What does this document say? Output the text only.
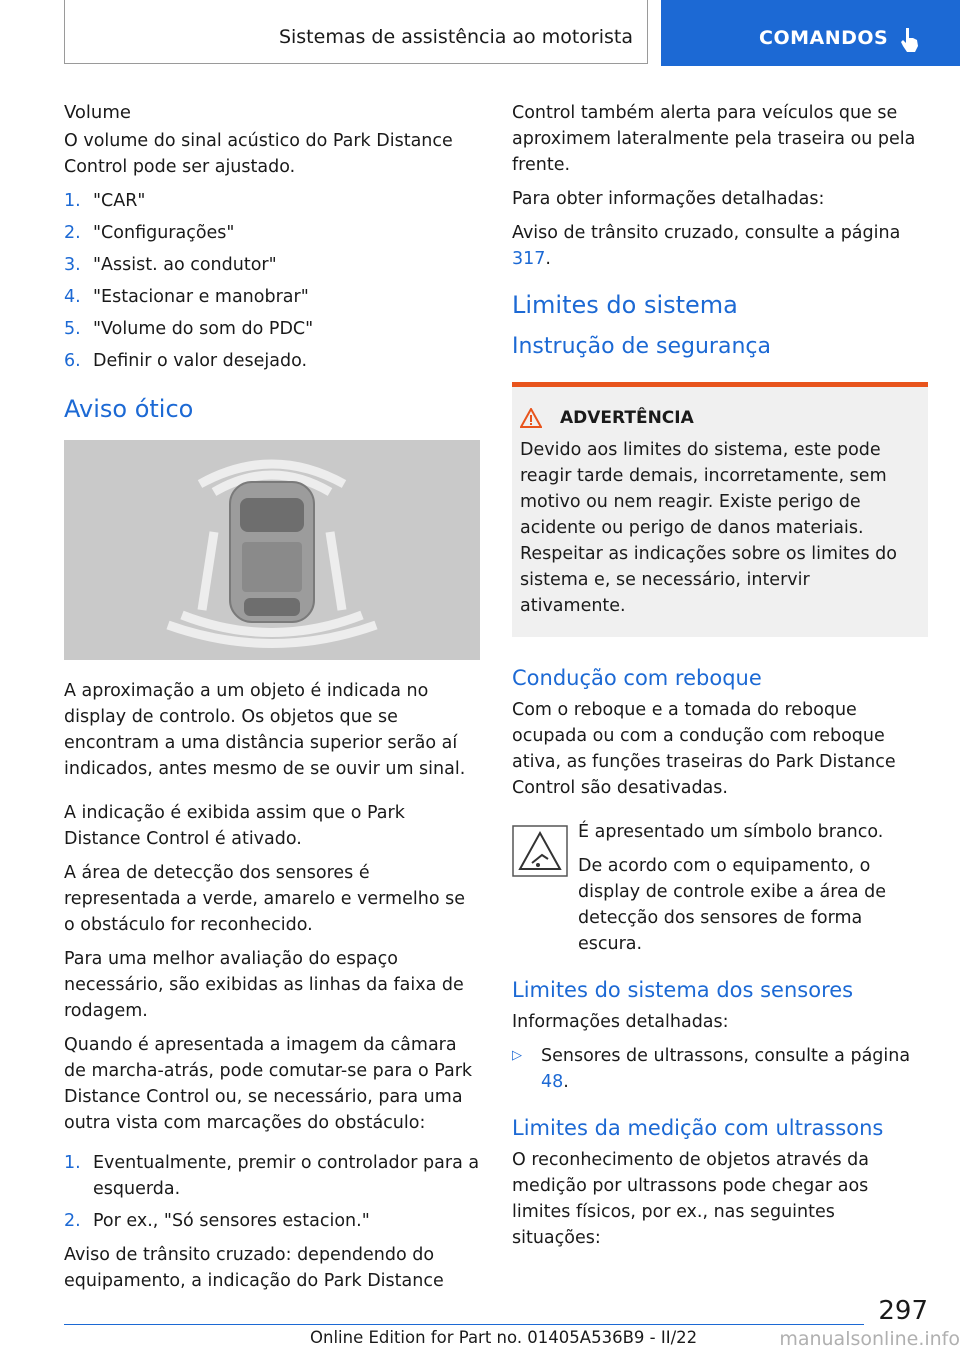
Sistemas de assistência ao motorista	COMANDOS

Volume

O volume do sinal acústico do Park Distance Control pode ser ajustado.

1. "CAR"
2. "Configurações"
3. "Assist. ao condutor"
4. "Estacionar e manobrar"
5. "Volume do som do PDC"
6. Definir o valor desejado.
Aviso ótico

A aproximação a um objeto é indicada no display de controlo. Os objetos que se encontram a uma distância superior serão aí indicados, antes mesmo de se ouvir um sinal.

A indicação é exibida assim que o Park Distance Control é ativado.

A área de detecção dos sensores é representada a verde, amarelo e vermelho se o obstáculo for reconhecido.

Para uma melhor avaliação do espaço necessário, são exibidas as linhas da faixa de rodagem.

Quando é apresentada a imagem da câmara de marcha-atrás, pode comutar-se para o Park Distance Control ou, se necessário, para uma outra vista com marcações do obstáculo:

1. Eventualmente, premir o controlador para a esquerda.
2. Por ex., "Só sensores estacion."

Aviso de trânsito cruzado: dependendo do equipamento, a indicação do Park Distance

Control também alerta para veículos que se aproximem lateralmente pela traseira ou pela frente.

Para obter informações detalhadas:

Aviso de trânsito cruzado, consulte a página 317.

Limites do sistema
Instrução de segurança
ADVERTÊNCIA

Devido aos limites do sistema, este pode reagir tarde demais, incorretamente, sem motivo ou nem reagir. Existe perigo de acidente ou perigo de danos materiais. Respeitar as indicações sobre os limites do sistema e, se necessário, intervir ativamente.

Condução com reboque

Com o reboque e a tomada do reboque ocupada ou com a condução com reboque ativa, as funções traseiras do Park Distance Control são desativadas.

É apresentado um símbolo branco.

De acordo com o equipamento, o display de controle exibe a área de detecção dos sensores de forma escura.

Limites do sistema dos sensores

Informações detalhadas:

▷ Sensores de ultrassons, consulte a página 48.
Limites da medição com ultrassons

O reconhecimento de objetos através da medição por ultrassons pode chegar aos limites físicos, por ex., nas seguintes situações:

297
Online Edition for Part no. 01405A536B9 - II/22	manualsonline.info
